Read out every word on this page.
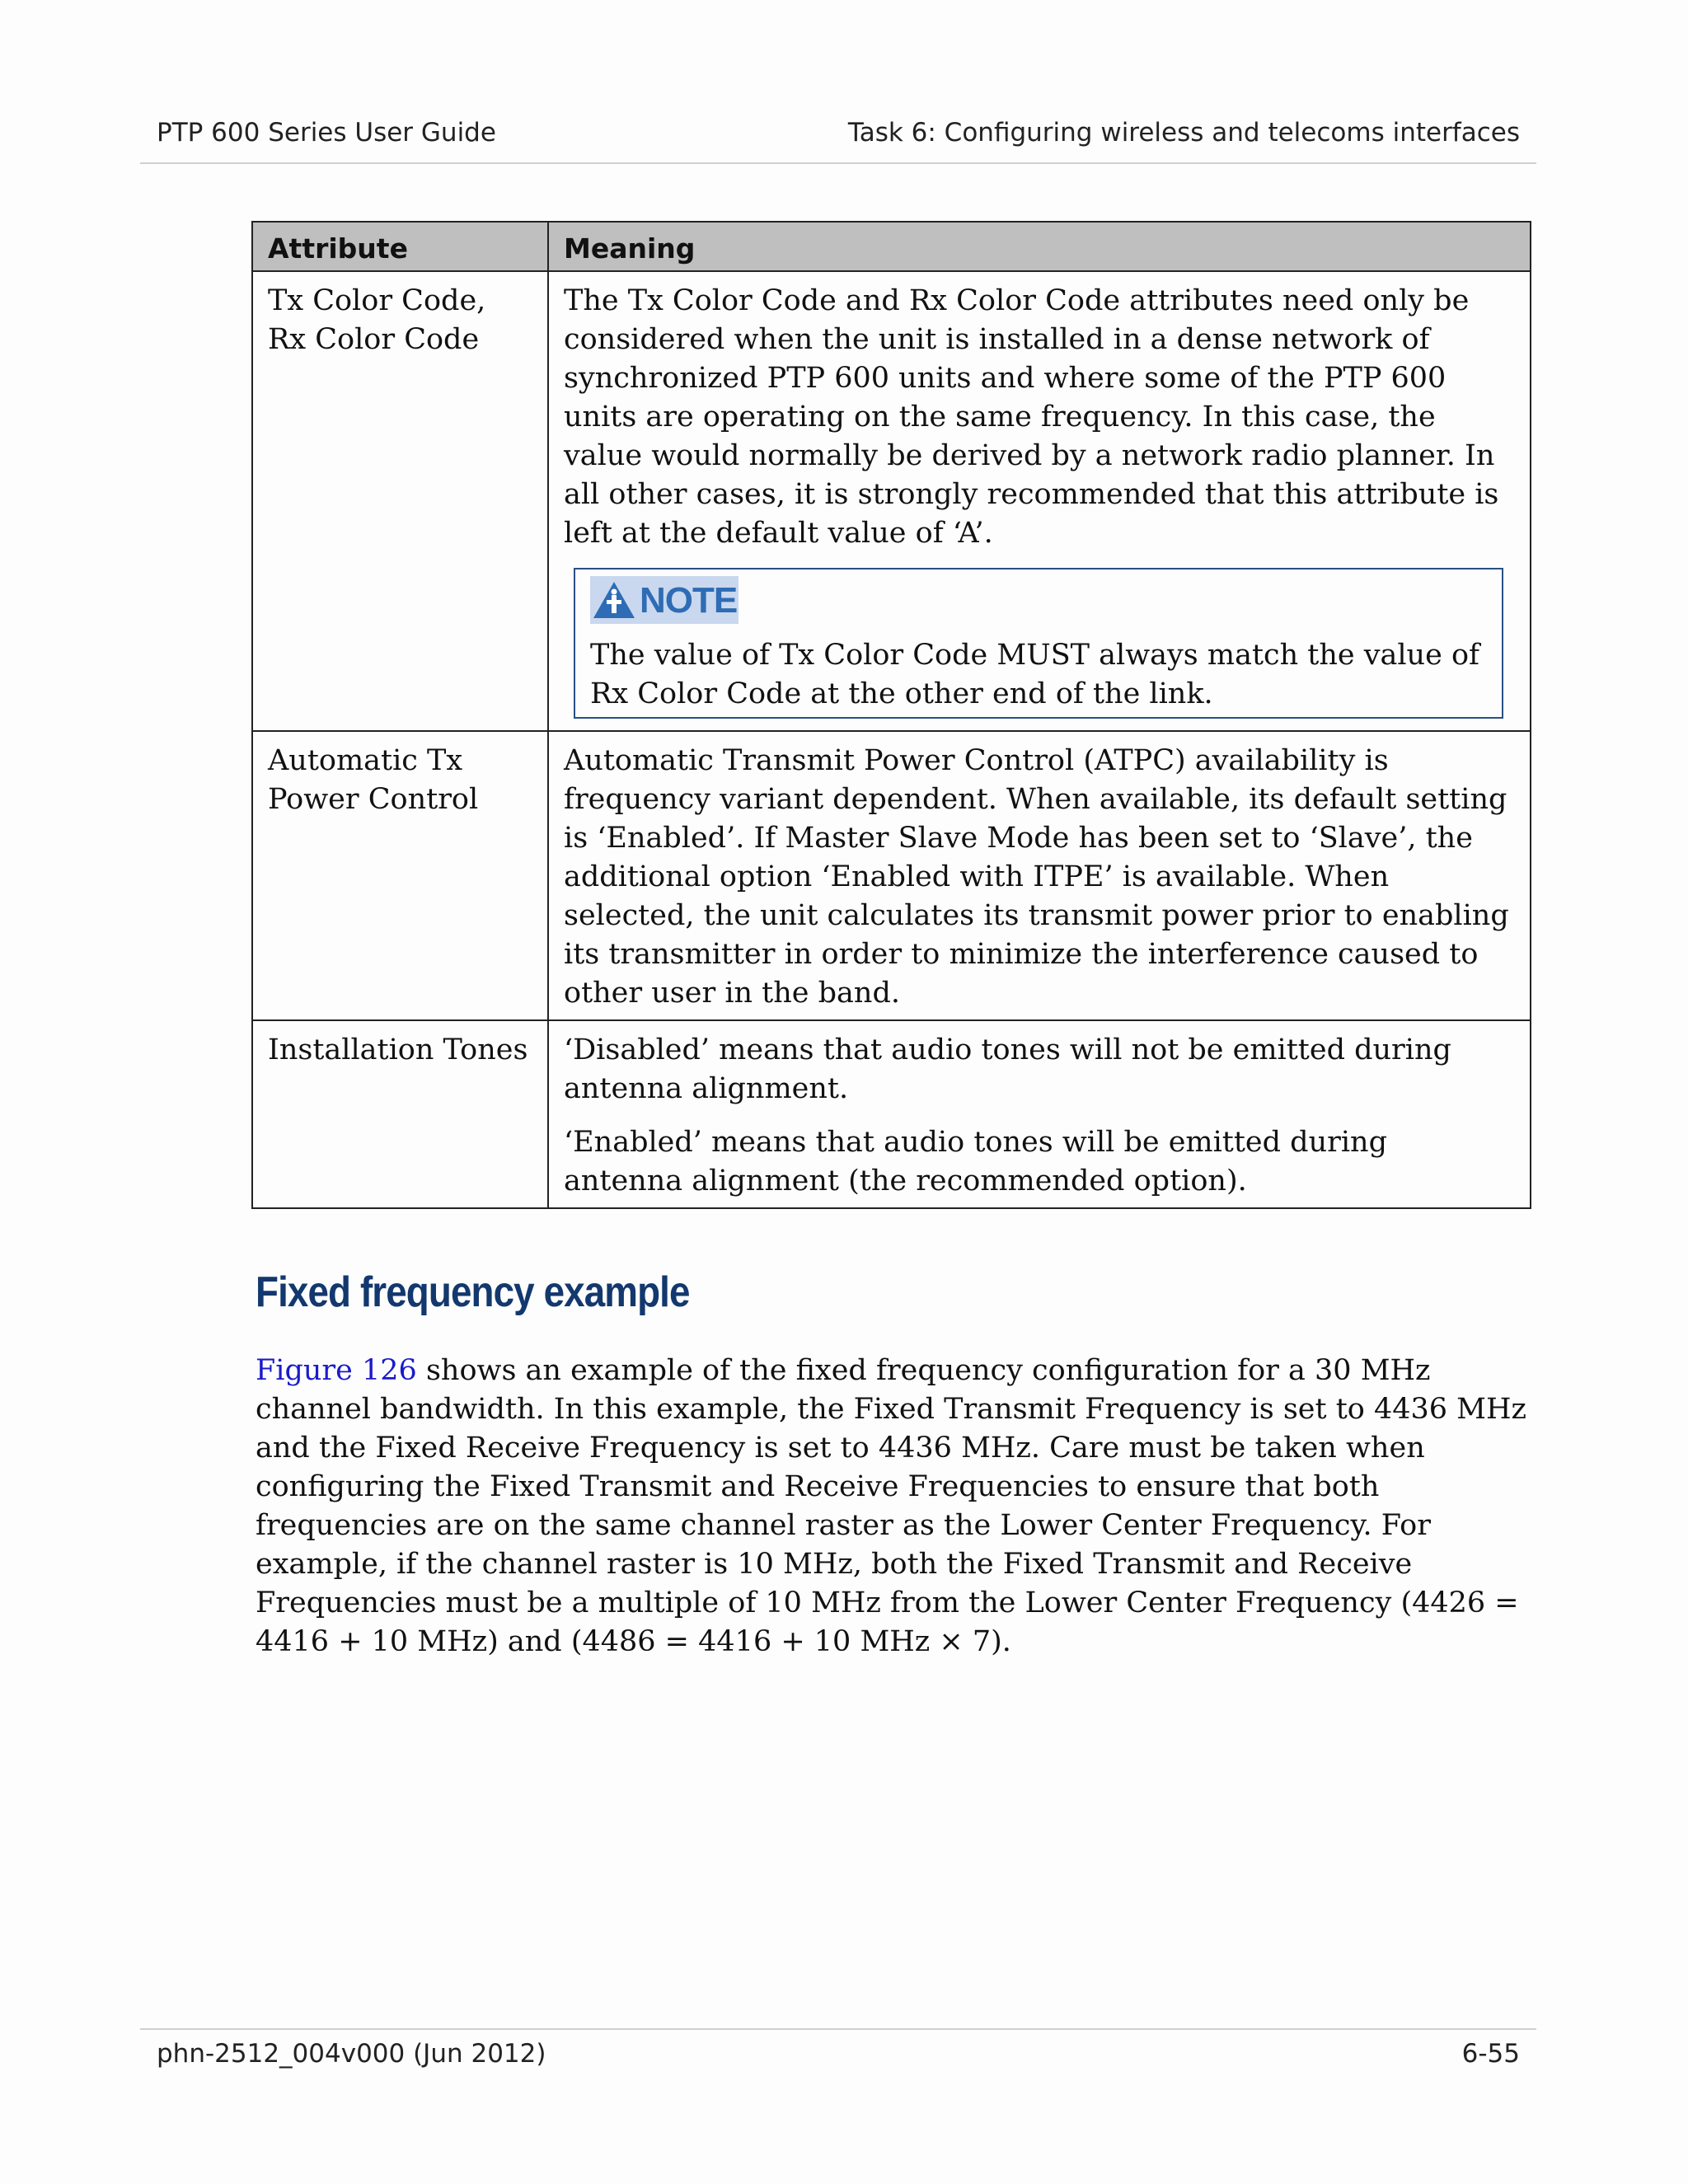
PTP 600 Series User Guide	Task 6: Configuring wireless and telecoms interfaces
Attribute	Meaning
Tx Color Code, Rx Color Code	The Tx Color Code and Rx Color Code attributes need only be considered when the unit is installed in a dense network of synchronized PTP 600 units and where some of the PTP 600 units are operating on the same frequency. In this case, the value would normally be derived by a network radio planner. In all other cases, it is strongly recommended that this attribute is left at the default value of ‘A’.

NOTE

The value of Tx Color Code MUST always match the value of Rx Color Code at the other end of the link.

Automatic Tx Power Control	Automatic Transmit Power Control (ATPC) availability is frequency variant dependent. When available, its default setting is ‘Enabled’. If Master Slave Mode has been set to ‘Slave’, the additional option ‘Enabled with ITPE’ is available. When selected, the unit calculates its transmit power prior to enabling its transmitter in order to minimize the interference caused to other user in the band.

Installation Tones	‘Disabled’ means that audio tones will not be emitted during antenna alignment.

‘Enabled’ means that audio tones will be emitted during antenna alignment (the recommended option).

Fixed frequency example

Figure 126 shows an example of the fixed frequency configuration for a 30 MHz channel bandwidth. In this example, the Fixed Transmit Frequency is set to 4436 MHz and the Fixed Receive Frequency is set to 4436 MHz. Care must be taken when configuring the Fixed Transmit and Receive Frequencies to ensure that both frequencies are on the same channel raster as the Lower Center Frequency. For example, if the channel raster is 10 MHz, both the Fixed Transmit and Receive Frequencies must be a multiple of 10 MHz from the Lower Center Frequency (4426 = 4416 + 10 MHz) and (4486 = 4416 + 10 MHz × 7).

phn-2512_004v000 (Jun 2012)	6-55
